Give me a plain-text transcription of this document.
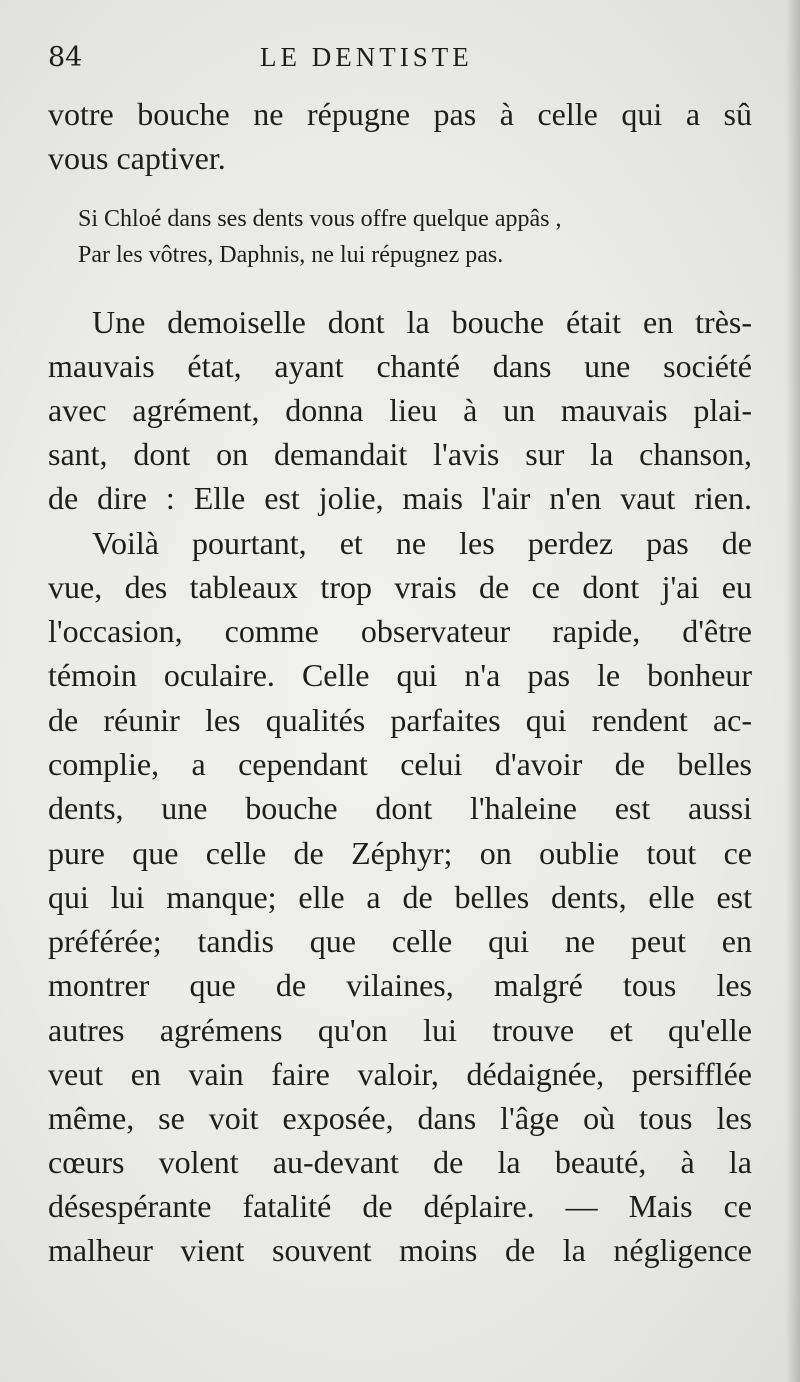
84	LE DENTISTE
votre bouche ne répugne pas à celle qui a sû
vous captiver.
Si Chloé dans ses dents vous offre quelque appâs ,
Par les vôtres, Daphnis, ne lui répugnez pas.
Une demoiselle dont la bouche était en très-
mauvais état, ayant chanté dans une société
avec agrément, donna lieu à un mauvais plai-
sant, dont on demandait l'avis sur la chanson,
de dire : Elle est jolie, mais l'air n'en vaut rien.
Voilà pourtant, et ne les perdez pas de
vue, des tableaux trop vrais de ce dont j'ai eu
l'occasion, comme observateur rapide, d'être
témoin oculaire. Celle qui n'a pas le bonheur
de réunir les qualités parfaites qui rendent ac-
complie, a cependant celui d'avoir de belles
dents, une bouche dont l'haleine est aussi
pure que celle de Zéphyr; on oublie tout ce
qui lui manque; elle a de belles dents, elle est
préférée; tandis que celle qui ne peut en
montrer que de vilaines, malgré tous les
autres agrémens qu'on lui trouve et qu'elle
veut en vain faire valoir, dédaignée, persifflée
même, se voit exposée, dans l'âge où tous les
cœurs volent au-devant de la beauté, à la
désespérante fatalité de déplaire. — Mais ce
malheur vient souvent moins de la négligence
